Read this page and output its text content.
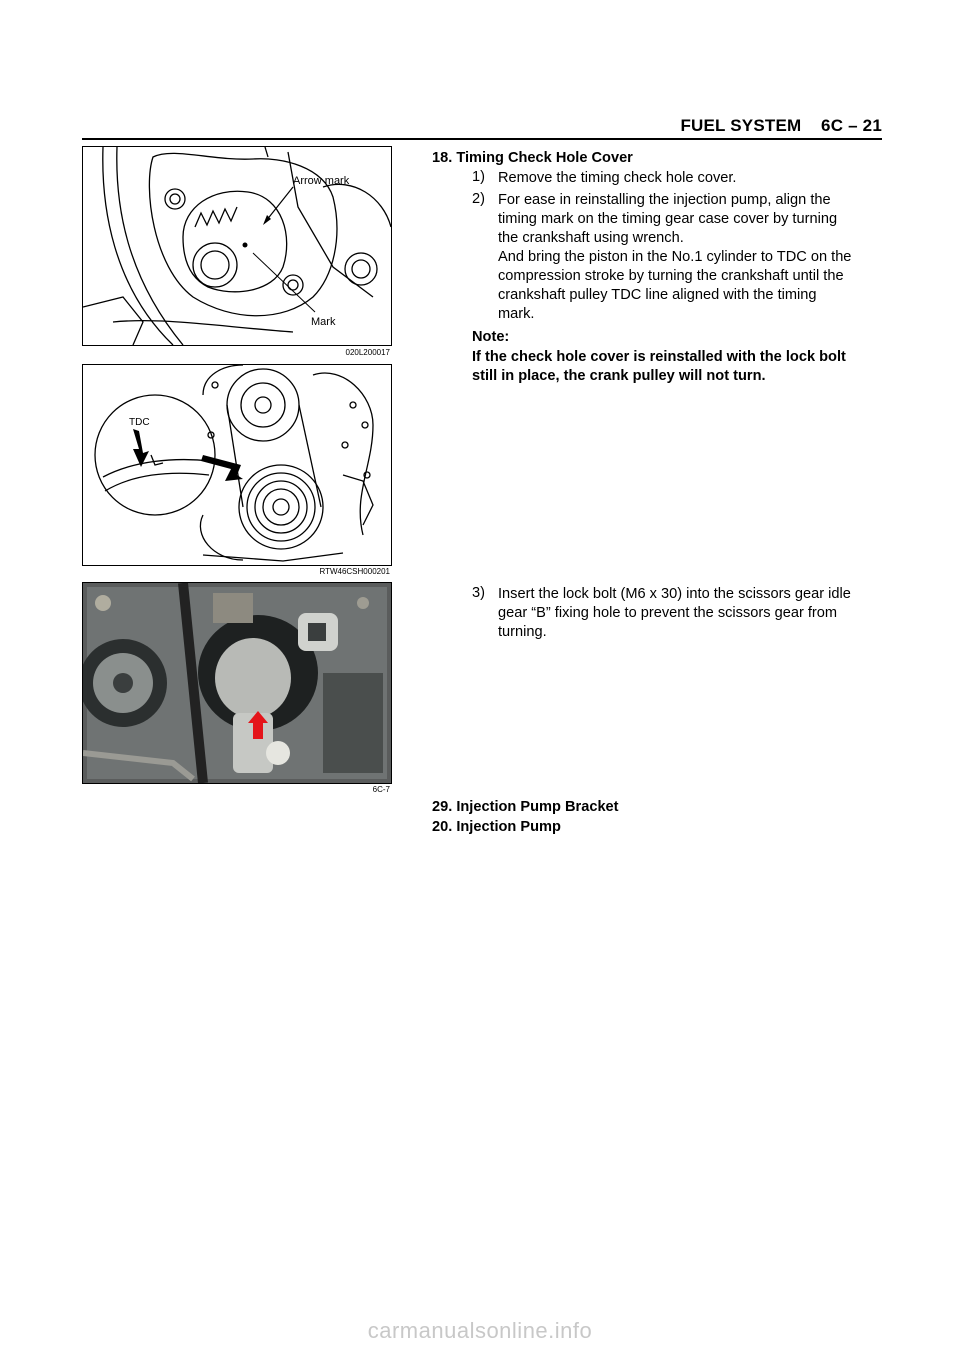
FUEL SYSTEM    6C – 21
Arrow mark
Mark
020L200017
TDC
RTW46CSH000201
6C-7
18. Timing Check Hole Cover
1) Remove the timing check hole cover.
2) For ease in reinstalling the injection pump, align the
timing mark on the timing gear case cover by turning
the crankshaft using wrench.
And bring the piston in the No.1 cylinder to TDC on the
compression stroke by turning the crankshaft until the
crankshaft pulley TDC line aligned with the timing
mark.
Note:
If the check hole cover is reinstalled with the lock bolt
still in place, the crank pulley will not turn.
3) Insert the lock bolt (M6 x 30) into the scissors gear idle
gear “B” fixing hole to prevent the scissors gear from
turning.
29. Injection Pump Bracket
20. Injection Pump
carmanualsonline.info
